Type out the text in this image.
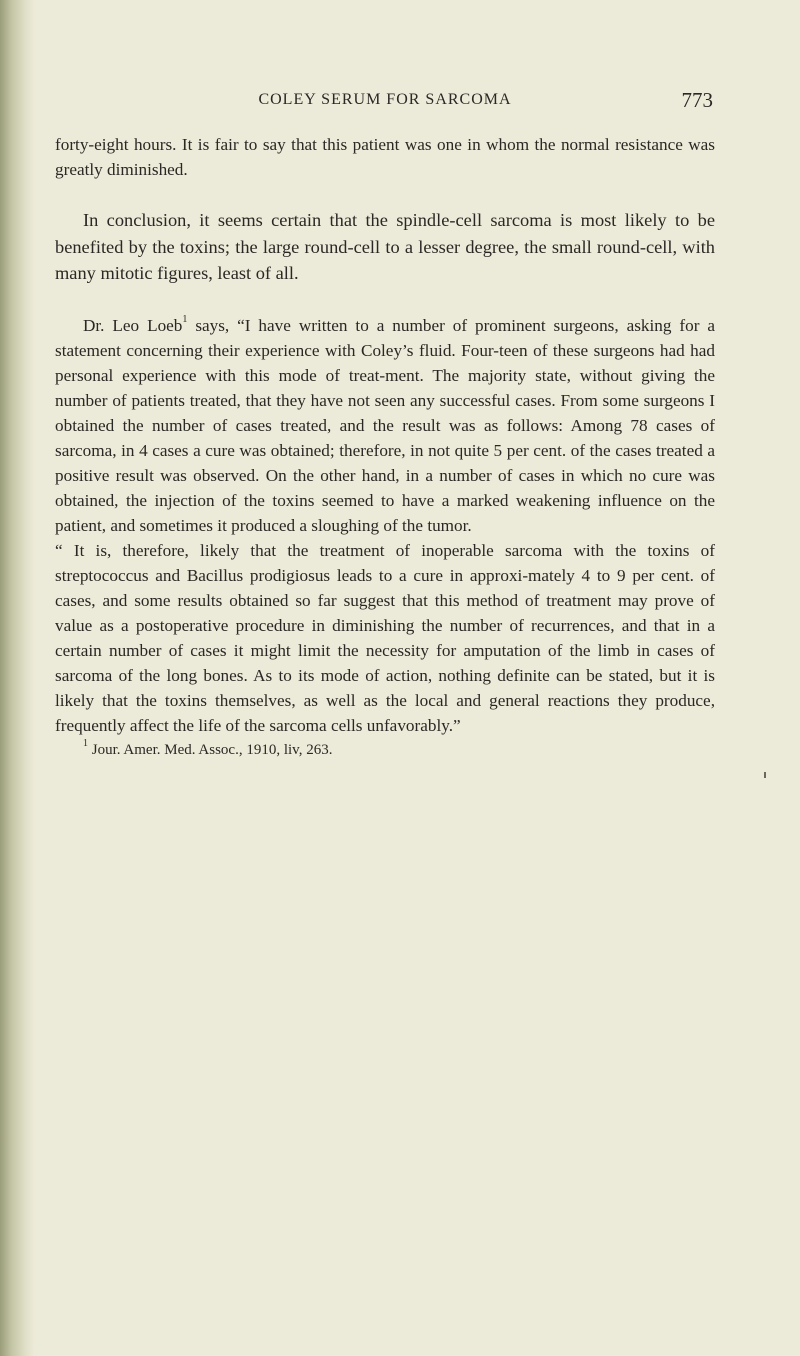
COLEY SERUM FOR SARCOMA	773

forty-eight hours. It is fair to say that this patient was one in whom the normal resistance was greatly diminished.

In conclusion, it seems certain that the spindle-cell sarcoma is most likely to be benefited by the toxins; the large round-cell to a lesser degree, the small round-cell, with many mitotic figures, least of all.

Dr. Leo Loeb$^1$ says, “I have written to a number of prominent surgeons, asking for a statement concerning their experience with Coley’s fluid. Four-teen of these surgeons had had personal experience with this mode of treat-ment. The majority state, without giving the number of patients treated, that they have not seen any successful cases. From some surgeons I obtained the number of cases treated, and the result was as follows: Among 78 cases of sarcoma, in 4 cases a cure was obtained; therefore, in not quite 5 per cent. of the cases treated a positive result was observed. On the other hand, in a number of cases in which no cure was obtained, the injection of the toxins seemed to have a marked weakening influence on the patient, and sometimes it produced a sloughing of the tumor.

“ It is, therefore, likely that the treatment of inoperable sarcoma with the toxins of streptococcus and Bacillus prodigiosus leads to a cure in approxi-mately 4 to 9 per cent. of cases, and some results obtained so far suggest that this method of treatment may prove of value as a postoperative procedure in diminishing the number of recurrences, and that in a certain number of cases it might limit the necessity for amputation of the limb in cases of sarcoma of the long bones. As to its mode of action, nothing definite can be stated, but it is likely that the toxins themselves, as well as the local and general reactions they produce, frequently affect the life of the sarcoma cells unfavorably.”

$^1$ Jour. Amer. Med. Assoc., 1910, liv, 263.
